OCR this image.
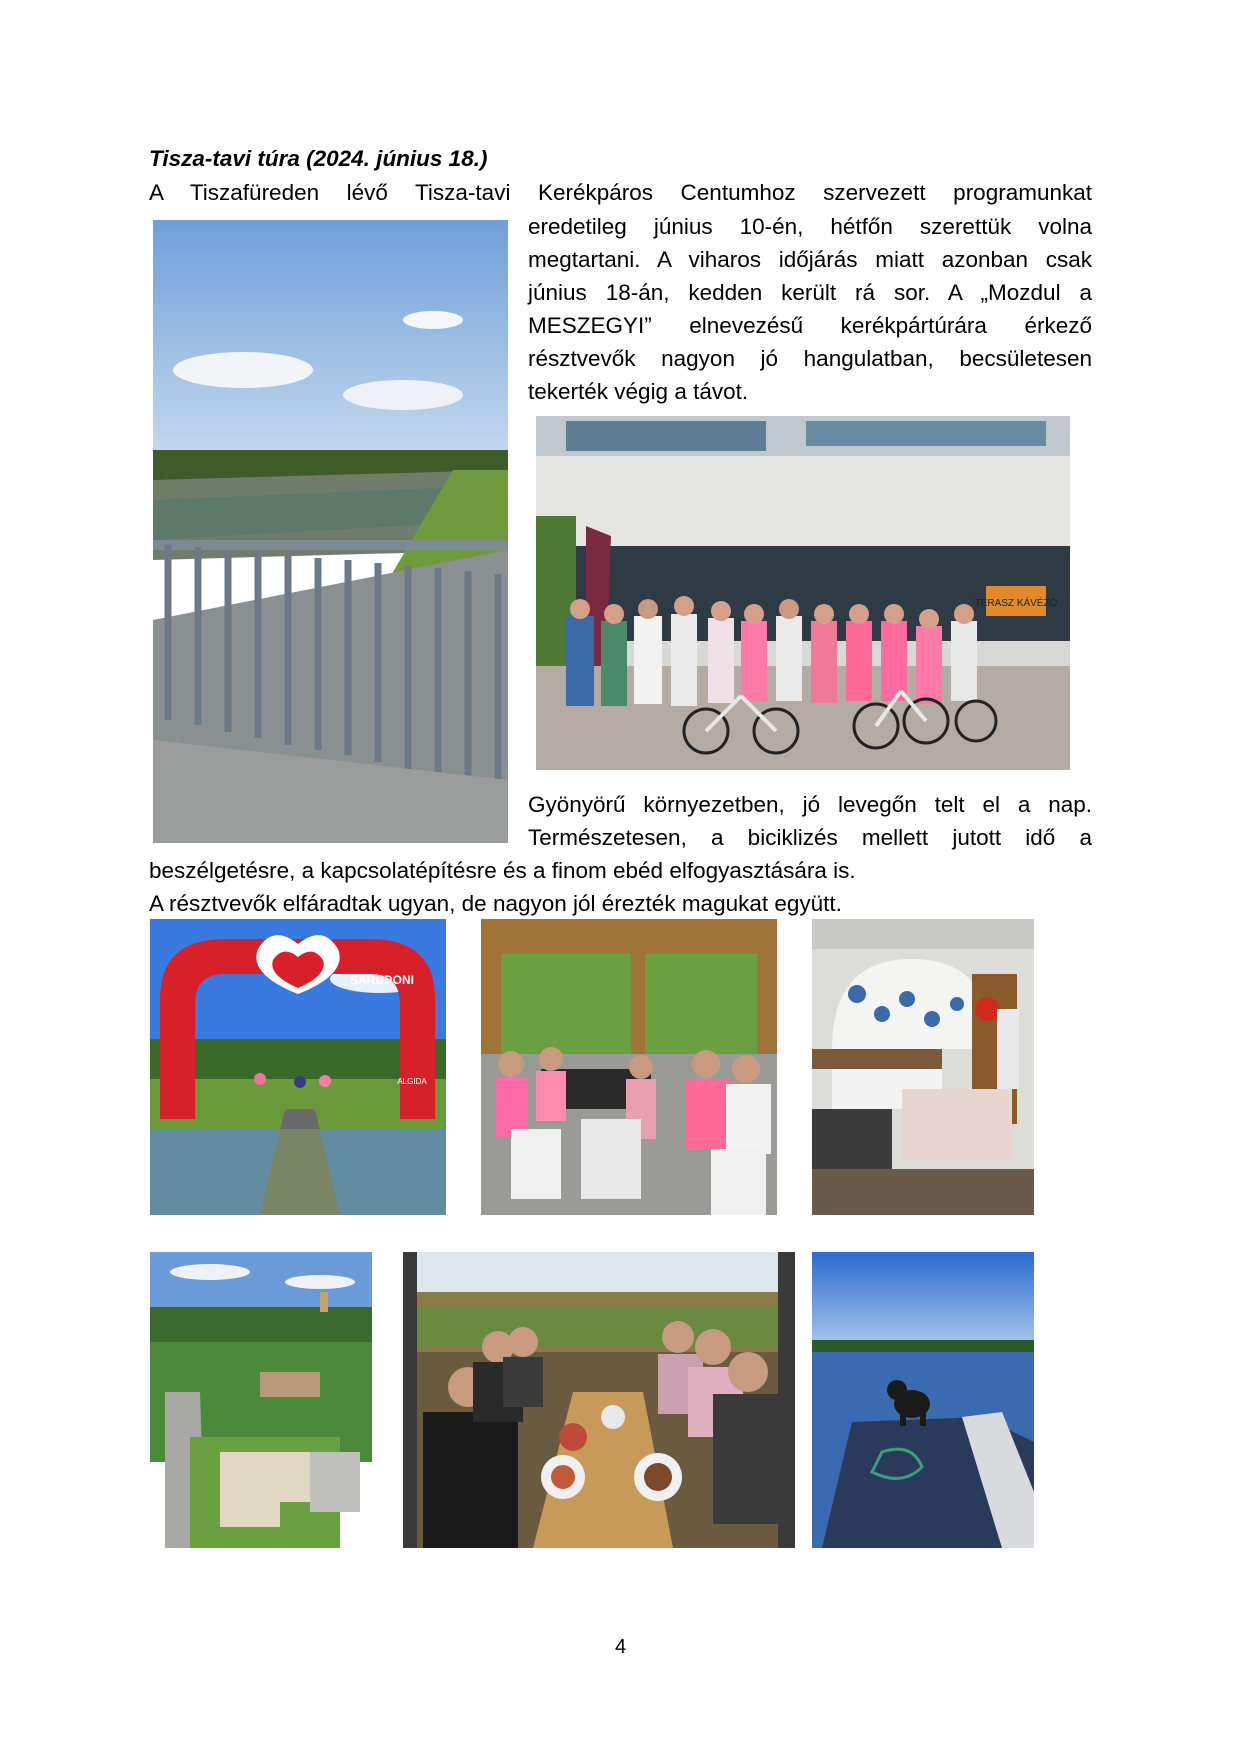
Tisza-tavi túra (2024. június 18.)

A Tiszafüreden lévő Tisza-tavi Kerékpáros Centumhoz szervezett programunkat

eredetileg június 10-én, hétfőn szerettük volna

megtartani. A viharos időjárás miatt azonban csak

június 18-án, kedden került rá sor. A „Mozdul a

MESZEGYI” elnevezésű kerékpártúrára érkező

résztvevők nagyon jó hangulatban, becsületesen

tekerték végig a távot.

Gyönyörű környezetben, jó levegőn telt el a nap.

Természetesen, a biciklizés mellett jutott idő a

beszélgetésre, a kapcsolatépítésre és a finom ebéd elfogyasztására is.

A résztvevők elfáradtak ugyan, de nagyon jól érezték magukat együtt.

TERASZ KÁVÉZÓ
SARUDONI
ALGIDA
4
